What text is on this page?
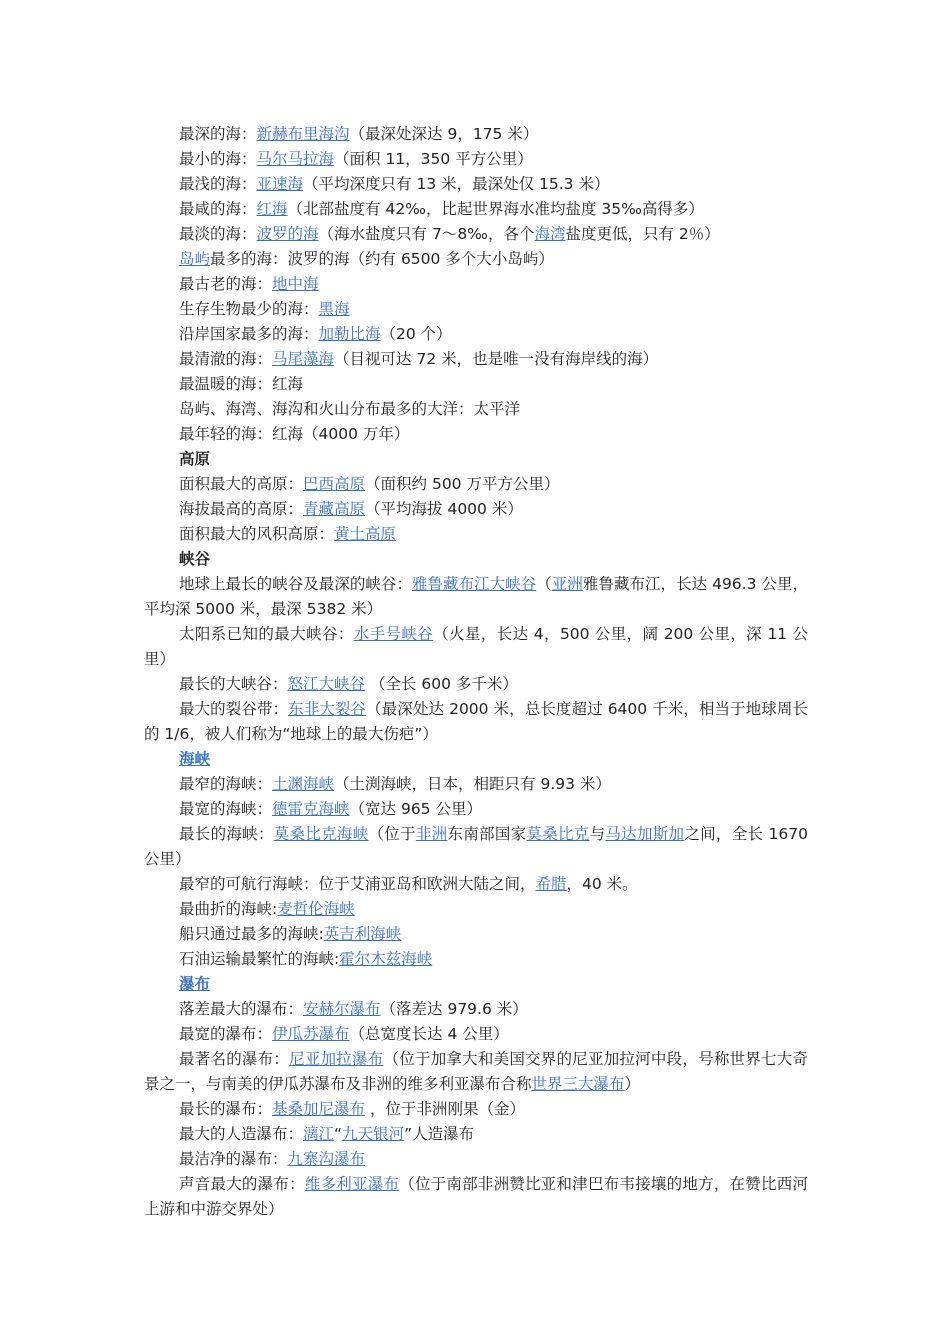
最深的海：新赫布里海沟（最深处深达 9，175 米）

最小的海：马尔马拉海（面积 11，350 平方公里）

最浅的海：亚速海（平均深度只有 13 米，最深处仅 15.3 米）

最咸的海：红海（北部盐度有 42‰，比起世界海水准均盐度 35‰高得多）

最淡的海：波罗的海（海水盐度只有 7～8‰，各个海湾盐度更低，只有 2％）

岛屿最多的海：波罗的海（约有 6500 多个大小岛屿）

最古老的海：地中海

生存生物最少的海：黑海

沿岸国家最多的海：加勒比海（20 个）

最清澈的海：马尾藻海（目视可达 72 米，也是唯一没有海岸线的海）

最温暖的海：红海

岛屿、海湾、海沟和火山分布最多的大洋：太平洋

最年轻的海：红海（4000 万年）

高原

面积最大的高原：巴西高原（面积约 500 万平方公里）

海拔最高的高原：青藏高原（平均海拔 4000 米）

面积最大的风积高原：黄土高原

峡谷

地球上最长的峡谷及最深的峡谷：雅鲁藏布江大峡谷（亚洲雅鲁藏布江，长达 496.3 公里，平均深 5000 米，最深 5382 米）

太阳系已知的最大峡谷：水手号峡谷（火星，长达 4，500 公里，阔 200 公里，深 11 公里）

最长的大峡谷：怒江大峡谷 （全长 600 多千米）

最大的裂谷带：东非大裂谷（最深处达 2000 米，总长度超过 6400 千米，相当于地球周长的 1/6，被人们称为“地球上的最大伤疤”）

海峡

最窄的海峡：土渊海峡（土渕海峡，日本，相距只有 9.93 米）

最宽的海峡：德雷克海峡（宽达 965 公里）

最长的海峡：莫桑比克海峡（位于非洲东南部国家莫桑比克与马达加斯加之间，全长 1670 公里）

最窄的可航行海峡：位于艾浦亚岛和欧洲大陆之间，希腊，40 米。

最曲折的海峡:麦哲伦海峡

船只通过最多的海峡:英吉利海峡

石油运输最繁忙的海峡:霍尔木兹海峡

瀑布

落差最大的瀑布：安赫尔瀑布（落差达 979.6 米）

最宽的瀑布：伊瓜苏瀑布（总宽度长达 4 公里）

最著名的瀑布：尼亚加拉瀑布（位于加拿大和美国交界的尼亚加拉河中段，号称世界七大奇景之一，与南美的伊瓜苏瀑布及非洲的维多利亚瀑布合称世界三大瀑布）

最长的瀑布：基桑加尼瀑布 ，位于非洲刚果（金）

最大的人造瀑布：漓江“九天银河”人造瀑布

最洁净的瀑布：九寨沟瀑布

声音最大的瀑布：维多利亚瀑布（位于南部非洲赞比亚和津巴布韦接壤的地方，在赞比西河上游和中游交界处）
